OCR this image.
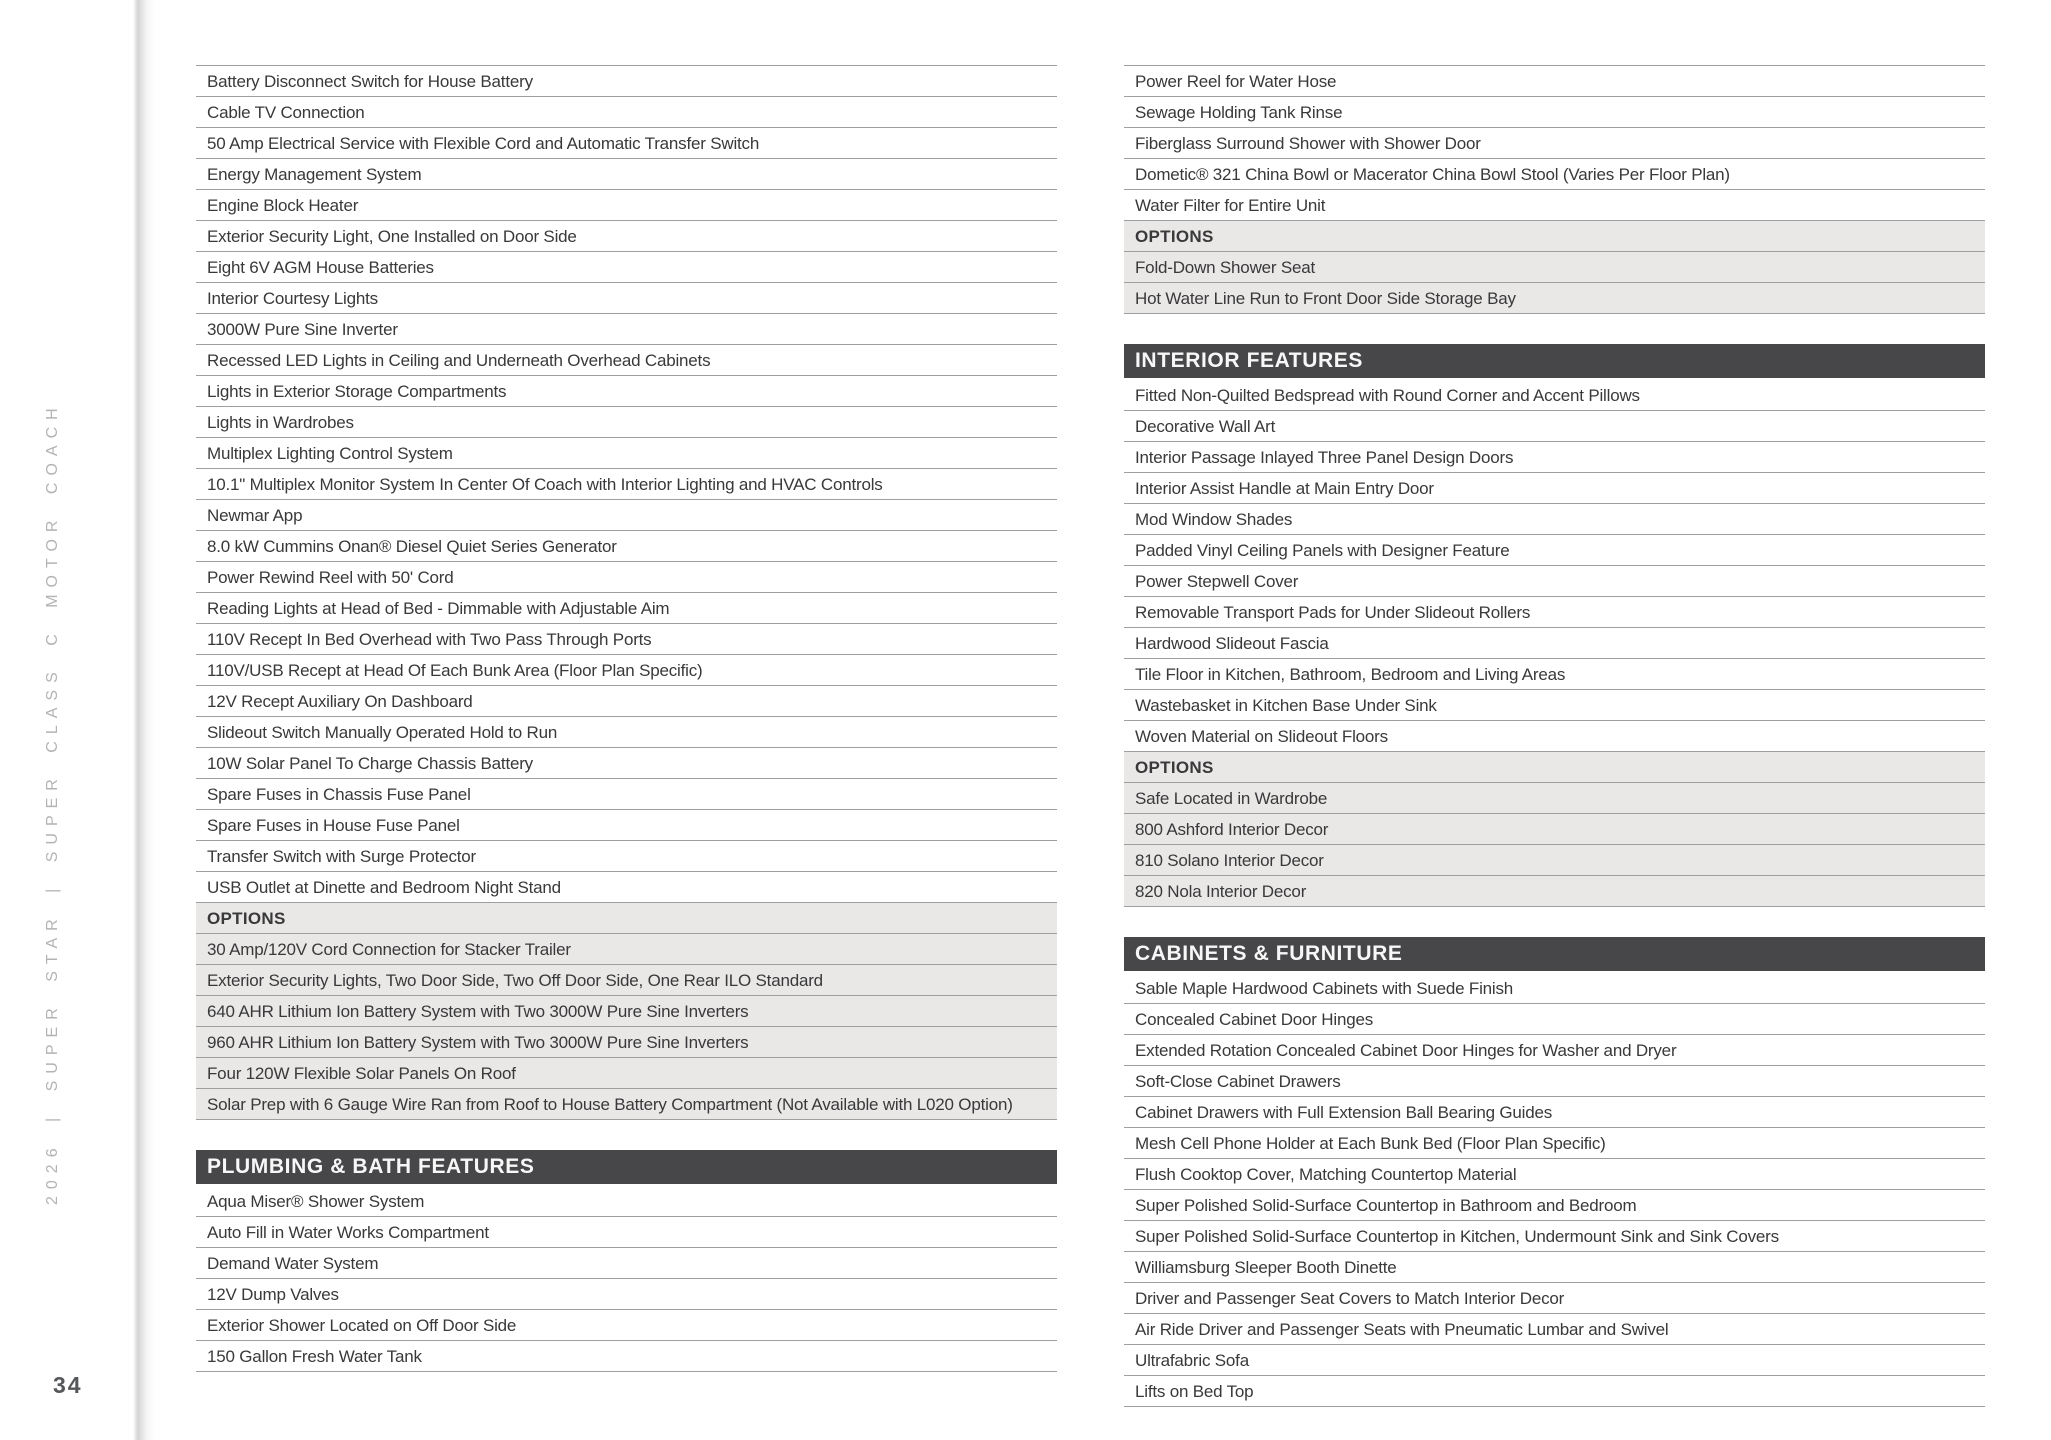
2026 | SUPER STAR | SUPER CLASS C MOTOR COACH
34
Battery Disconnect Switch for House Battery
Cable TV Connection
50 Amp Electrical Service with Flexible Cord and Automatic Transfer Switch
Energy Management System
Engine Block Heater
Exterior Security Light, One Installed on Door Side
Eight 6V AGM House Batteries
Interior Courtesy Lights
3000W Pure Sine Inverter
Recessed LED Lights in Ceiling and Underneath Overhead Cabinets
Lights in Exterior Storage Compartments
Lights in Wardrobes
Multiplex Lighting Control System
10.1" Multiplex Monitor System In Center Of Coach with Interior Lighting and HVAC Controls
Newmar App
8.0 kW Cummins Onan® Diesel Quiet Series Generator
Power Rewind Reel with 50' Cord
Reading Lights at Head of Bed - Dimmable with Adjustable Aim
110V Recept In Bed Overhead with Two Pass Through Ports
110V/USB Recept at Head Of Each Bunk Area (Floor Plan Specific)
12V Recept Auxiliary On Dashboard
Slideout Switch Manually Operated Hold to Run
10W Solar Panel To Charge Chassis Battery
Spare Fuses in Chassis Fuse Panel
Spare Fuses in House Fuse Panel
Transfer Switch with Surge Protector
USB Outlet at Dinette and Bedroom Night Stand
OPTIONS
30 Amp/120V Cord Connection for Stacker Trailer
Exterior Security Lights, Two Door Side, Two Off Door Side, One Rear ILO Standard
640 AHR Lithium Ion Battery System with Two 3000W Pure Sine Inverters
960 AHR Lithium Ion Battery System with Two 3000W Pure Sine Inverters
Four 120W Flexible Solar Panels On Roof
Solar Prep with 6 Gauge Wire Ran from Roof to House Battery Compartment (Not Available with L020 Option)
PLUMBING & BATH FEATURES
Aqua Miser® Shower System
Auto Fill in Water Works Compartment
Demand Water System
12V Dump Valves
Exterior Shower Located on Off Door Side
150 Gallon Fresh Water Tank
Power Reel for Water Hose
Sewage Holding Tank Rinse
Fiberglass Surround Shower with Shower Door
Dometic® 321 China Bowl or Macerator China Bowl Stool (Varies Per Floor Plan)
Water Filter for Entire Unit
OPTIONS
Fold-Down Shower Seat
Hot Water Line Run to Front Door Side Storage Bay
INTERIOR FEATURES
Fitted Non-Quilted Bedspread with Round Corner and Accent Pillows
Decorative Wall Art
Interior Passage Inlayed Three Panel Design Doors
Interior Assist Handle at Main Entry Door
Mod Window Shades
Padded Vinyl Ceiling Panels with Designer Feature
Power Stepwell Cover
Removable Transport Pads for Under Slideout Rollers
Hardwood Slideout Fascia
Tile Floor in Kitchen, Bathroom, Bedroom and Living Areas
Wastebasket in Kitchen Base Under Sink
Woven Material on Slideout Floors
OPTIONS
Safe Located in Wardrobe
800 Ashford Interior Decor
810 Solano Interior Decor
820 Nola Interior Decor
CABINETS & FURNITURE
Sable Maple Hardwood Cabinets with Suede Finish
Concealed Cabinet Door Hinges
Extended Rotation Concealed Cabinet Door Hinges for Washer and Dryer
Soft-Close Cabinet Drawers
Cabinet Drawers with Full Extension Ball Bearing Guides
Mesh Cell Phone Holder at Each Bunk Bed (Floor Plan Specific)
Flush Cooktop Cover, Matching Countertop Material
Super Polished Solid-Surface Countertop in Bathroom and Bedroom
Super Polished Solid-Surface Countertop in Kitchen, Undermount Sink and Sink Covers
Williamsburg Sleeper Booth Dinette
Driver and Passenger Seat Covers to Match Interior Decor
Air Ride Driver and Passenger Seats with Pneumatic Lumbar and Swivel
Ultrafabric Sofa
Lifts on Bed Top
